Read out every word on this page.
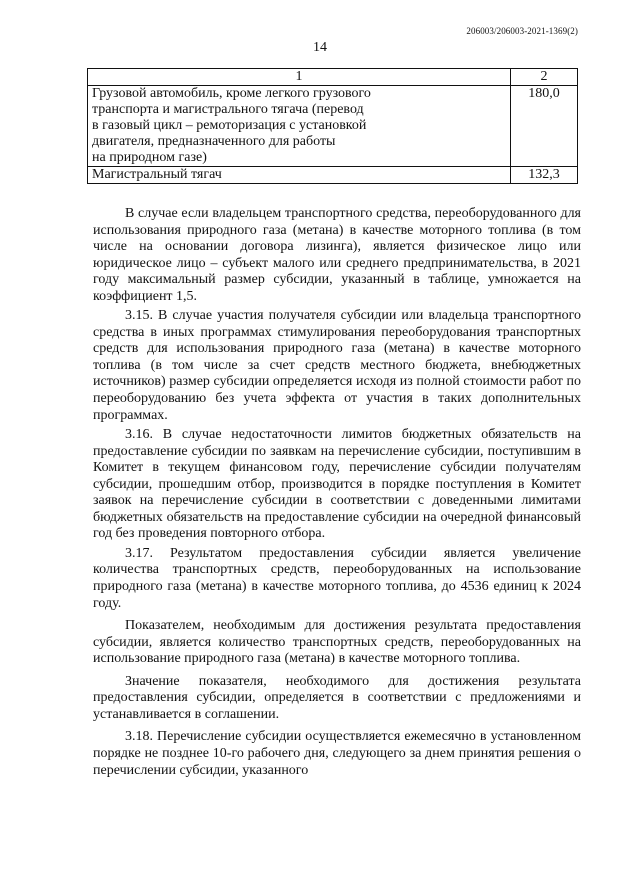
206003/206003-2021-1369(2)
14
1	2

Грузовой автомобиль, кроме легкого грузового
транспорта и магистрального тягача (перевод
в газовый цикл – ремоторизация с установкой
двигателя, предназначенного для работы
на природном газе)	180,0

Магистральный тягач	132,3

В случае если владельцем транспортного средства, переоборудованного для использования природного газа (метана) в качестве моторного топлива (в том числе на основании договора лизинга), является физическое лицо или юридическое лицо – субъект малого или среднего предпринимательства, в 2021 году максимальный размер субсидии, указанный в таблице, умножается на коэффициент 1,5.

3.15. В случае участия получателя субсидии или владельца транспортного средства в иных программах стимулирования переоборудования транспортных средств для использования природного газа (метана) в качестве моторного топлива (в том числе за счет средств местного бюджета, внебюджетных источников) размер субсидии определяется исходя из полной стоимости работ по переоборудованию без учета эффекта от участия в таких дополнительных программах.

3.16. В случае недостаточности лимитов бюджетных обязательств на предоставление субсидии по заявкам на перечисление субсидии, поступившим в Комитет в текущем финансовом году, перечисление субсидии получателям субсидии, прошедшим отбор, производится в порядке поступления в Комитет заявок на перечисление субсидии в соответствии с доведенными лимитами бюджетных обязательств на предоставление субсидии на очередной финансовый год без проведения повторного отбора.

3.17. Результатом предоставления субсидии является увеличение количества транспортных средств, переоборудованных на использование природного газа (метана) в качестве моторного топлива, до 4536 единиц к 2024 году.

Показателем, необходимым для достижения результата предоставления субсидии, является количество транспортных средств, переоборудованных на использование природного газа (метана) в качестве моторного топлива.

Значение показателя, необходимого для достижения результата предоставления субсидии, определяется в соответствии с предложениями и устанавливается в соглашении.

3.18. Перечисление субсидии осуществляется ежемесячно в установленном порядке не позднее 10-го рабочего дня, следующего за днем принятия решения о перечислении субсидии, указанного
